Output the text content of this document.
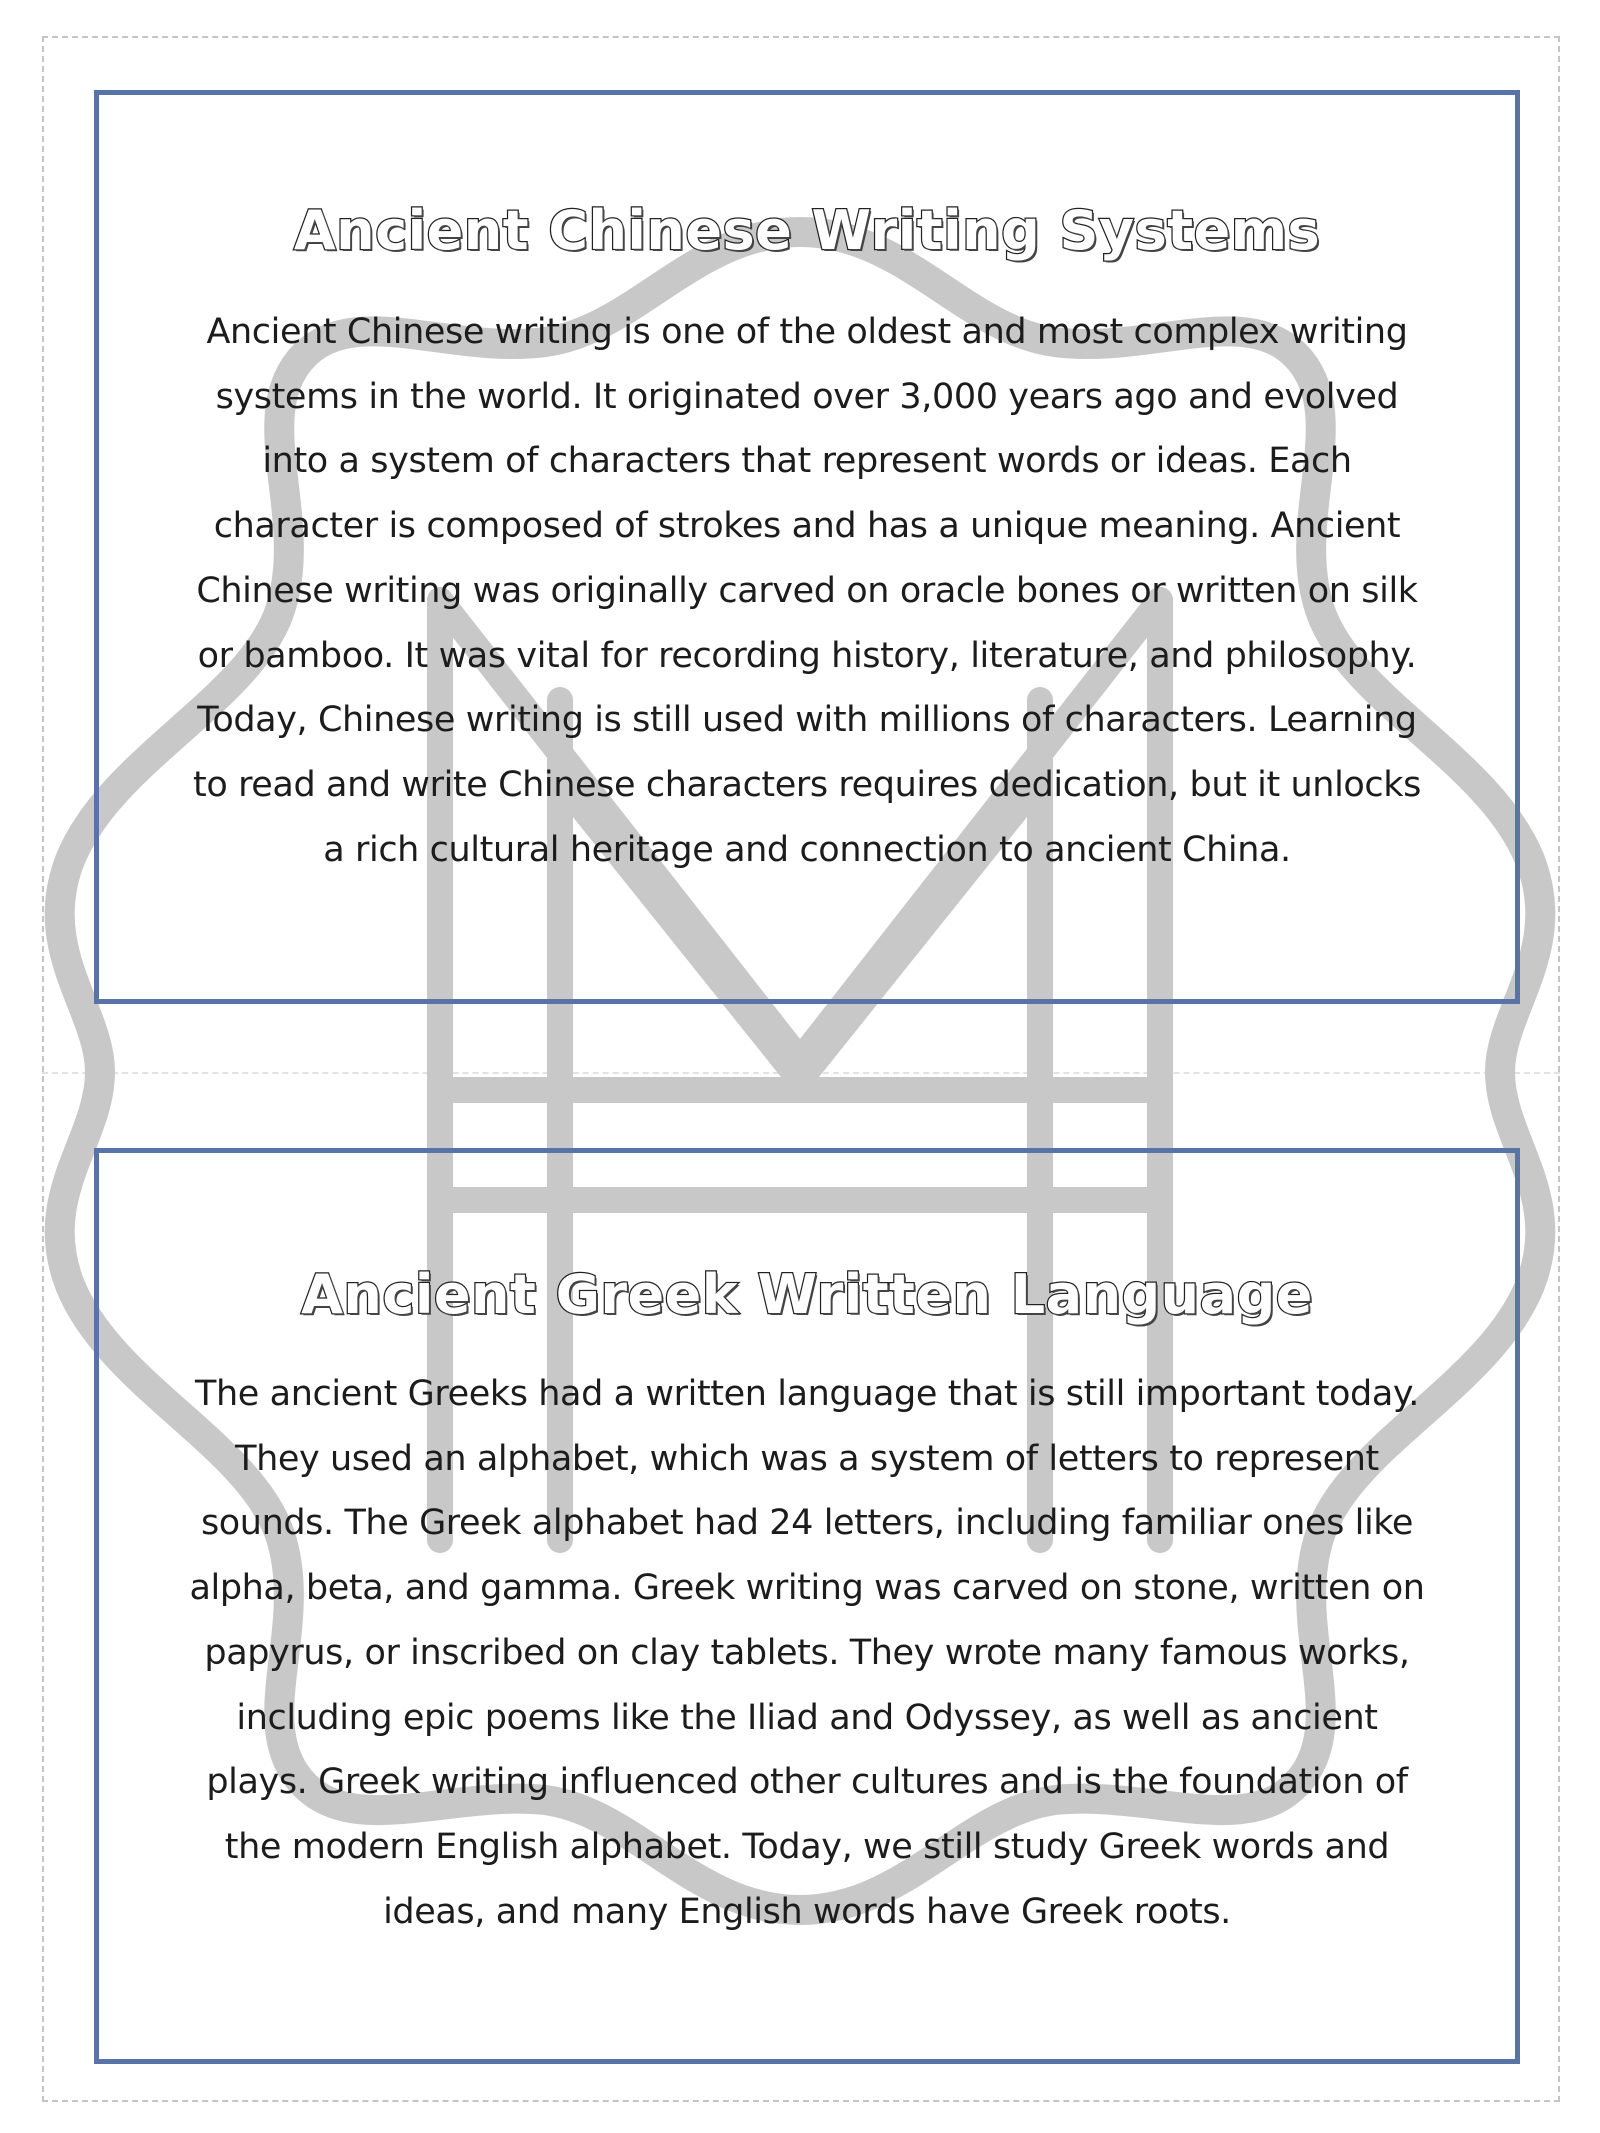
Ancient Chinese Writing Systems

Ancient Chinese writing is one of the oldest and most complex writing
systems in the world. It originated over 3,000 years ago and evolved
into a system of characters that represent words or ideas. Each
character is composed of strokes and has a unique meaning. Ancient
Chinese writing was originally carved on oracle bones or written on silk
or bamboo. It was vital for recording history, literature, and philosophy.
Today, Chinese writing is still used with millions of characters. Learning
to read and write Chinese characters requires dedication, but it unlocks
a rich cultural heritage and connection to ancient China.

Ancient Greek Written Language

The ancient Greeks had a written language that is still important today.
They used an alphabet, which was a system of letters to represent
sounds. The Greek alphabet had 24 letters, including familiar ones like
alpha, beta, and gamma. Greek writing was carved on stone, written on
papyrus, or inscribed on clay tablets. They wrote many famous works,
including epic poems like the Iliad and Odyssey, as well as ancient
plays. Greek writing influenced other cultures and is the foundation of
the modern English alphabet. Today, we still study Greek words and
ideas, and many English words have Greek roots.
